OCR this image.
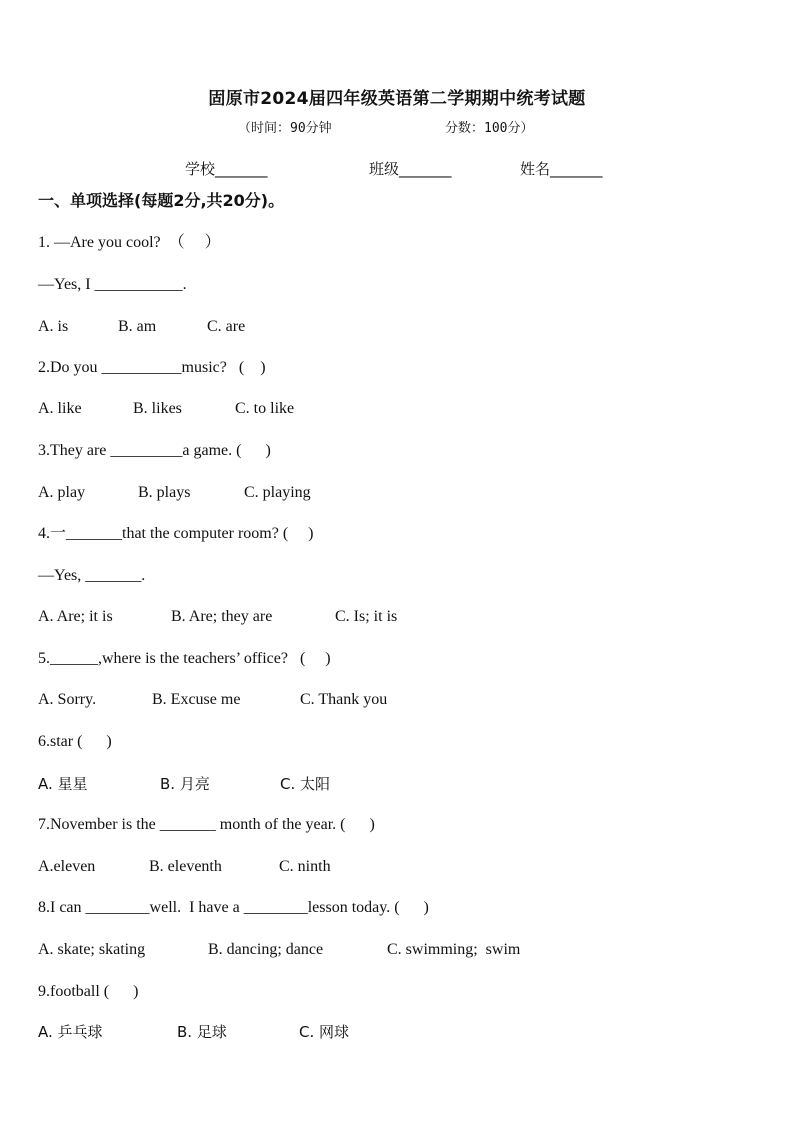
固原市2024届四年级英语第二学期期中统考试题
（时间：90分钟	分数：100分）
学校_______	班级_______	姓名_______
一、单项选择(每题2分,共20分)。
1. —Are you cool?  （     ）
—Yes, I ___________.
A. is	B. am	C. are
2.Do you __________music?   (    )
A. like	B. likes	C. to like
3.They are _________a game. (      )
A. play	B. plays	C. playing
4.一_______that the computer room? (     )
—Yes, _______.
A. Are; it is	B. Are; they are	C. Is; it is
5.______,where is the teachers’ office?   (     )
A. Sorry.	B. Excuse me	C. Thank you
6.star (      )
A. 星星	B. 月亮	C. 太阳
7.November is the _______ month of the year. (      )
A.eleven	B. eleventh	C. ninth
8.I can ________well.  I have a ________lesson today. (      )
A. skate; skating	B. dancing; dance	C. swimming;  swim
9.football (      )
A. 乒乓球	B. 足球	C. 网球
